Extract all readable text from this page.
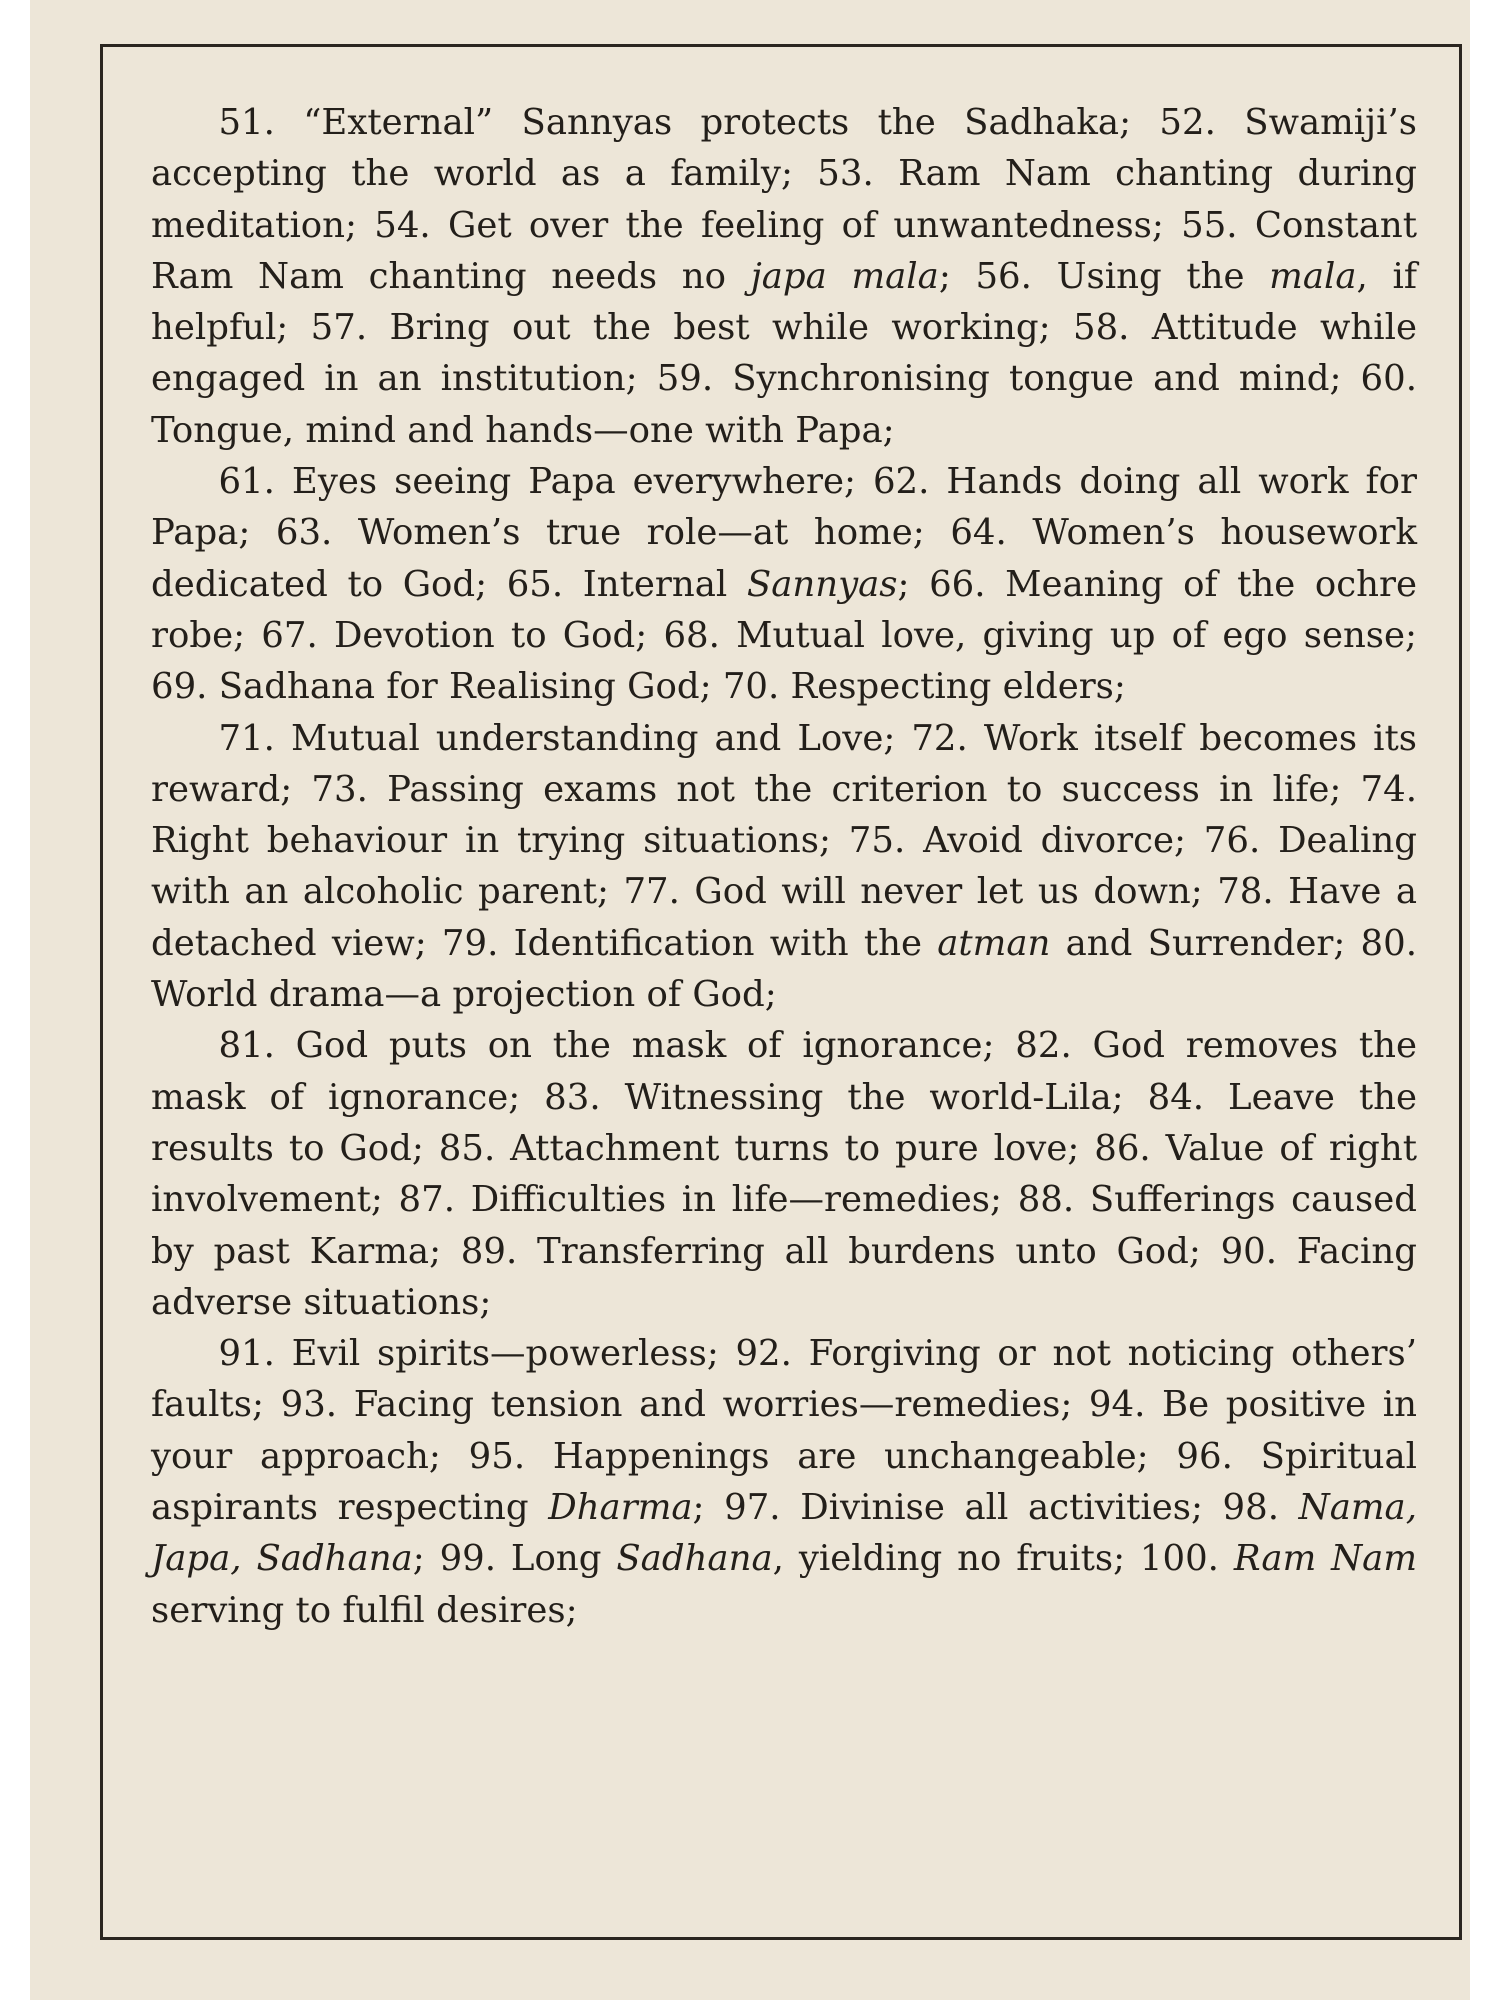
51. “External” Sannyas protects the Sadhaka; 52. Swamiji’s accepting the world as a family; 53. Ram Nam chanting during meditation; 54. Get over the feeling of unwantedness; 55. Constant Ram Nam chanting needs no japa mala; 56. Using the mala, if helpful; 57. Bring out the best while working; 58. Attitude while engaged in an institution; 59. Synchronising tongue and mind; 60. Tongue, mind and hands—one with Papa;

61. Eyes seeing Papa everywhere; 62. Hands doing all work for Papa; 63. Women’s true role—at home; 64. Women’s housework dedicated to God; 65. Internal Sannyas; 66. Meaning of the ochre robe; 67. Devotion to God; 68. Mutual love, giving up of ego sense; 69. Sadhana for Realising God; 70. Respecting elders;

71. Mutual understanding and Love; 72. Work itself becomes its reward; 73. Passing exams not the criterion to success in life; 74. Right behaviour in trying situations; 75. Avoid divorce; 76. Dealing with an alcoholic parent; 77. God will never let us down; 78. Have a detached view; 79. Identification with the atman and Surrender; 80. World drama—a projection of God;

81. God puts on the mask of ignorance; 82. God removes the mask of ignorance; 83. Witnessing the world-Lila; 84. Leave the results to God; 85. Attachment turns to pure love; 86. Value of right involvement; 87. Difficulties in life—remedies; 88. Sufferings caused by past Karma; 89. Transferring all burdens unto God; 90. Facing adverse situations;

91. Evil spirits—powerless; 92. Forgiving or not noticing others’ faults; 93. Facing tension and worries—remedies; 94. Be positive in your approach; 95. Happenings are unchangeable; 96. Spiritual aspirants respecting Dharma; 97. Divinise all activities; 98. Nama, Japa, Sadhana; 99. Long Sadhana, yielding no fruits; 100. Ram Nam serving to fulfil desires;
